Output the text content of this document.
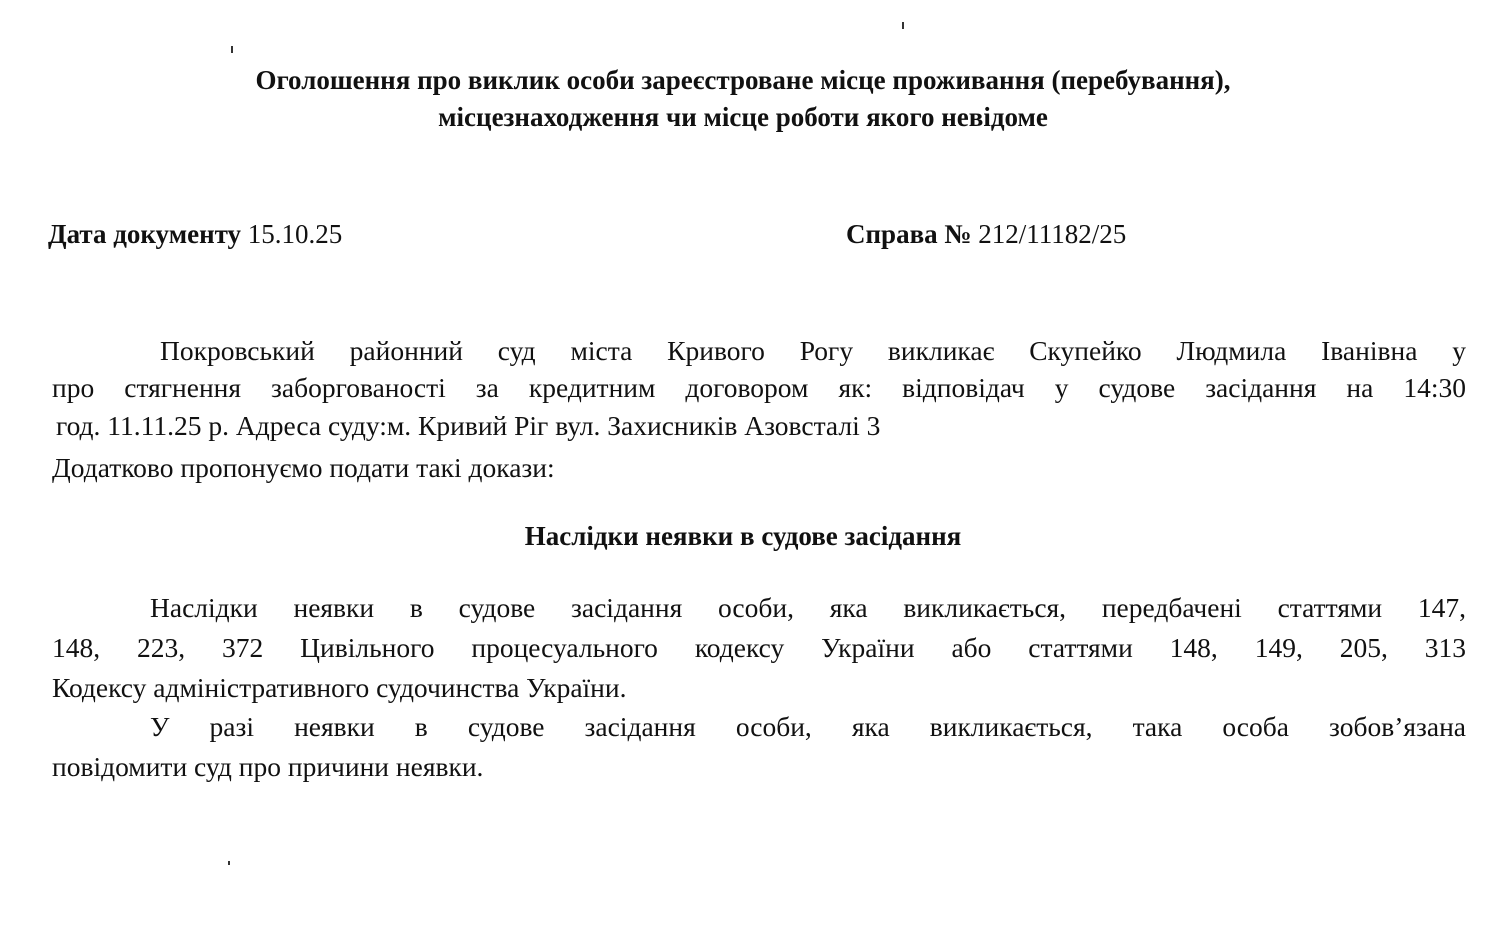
Оголошення про виклик особи зареєстроване місце проживання (перебування),
місцезнаходження чи місце роботи якого невідоме
Дата документу 15.10.25	Справа № 212/11182/25
Покровський районний суд міста Кривого Рогу викликає Скупейко Людмила Іванівна у
про стягнення заборгованості за кредитним договором як: відповідач у судове засідання на 14:30
год. 11.11.25 р. Адреса суду:м. Кривий Ріг вул. Захисників Азовсталі 3
Додатково пропонуємо подати такі докази:
Наслідки неявки в судове засідання
Наслідки неявки в судове засідання особи, яка викликається, передбачені статтями 147,
148, 223, 372 Цивільного процесуального кодексу України або статтями 148, 149, 205, 313
Кодексу адміністративного судочинства України.
У разі неявки в судове засідання особи, яка викликається, така особа зобов’язана
повідомити суд про причини неявки.
